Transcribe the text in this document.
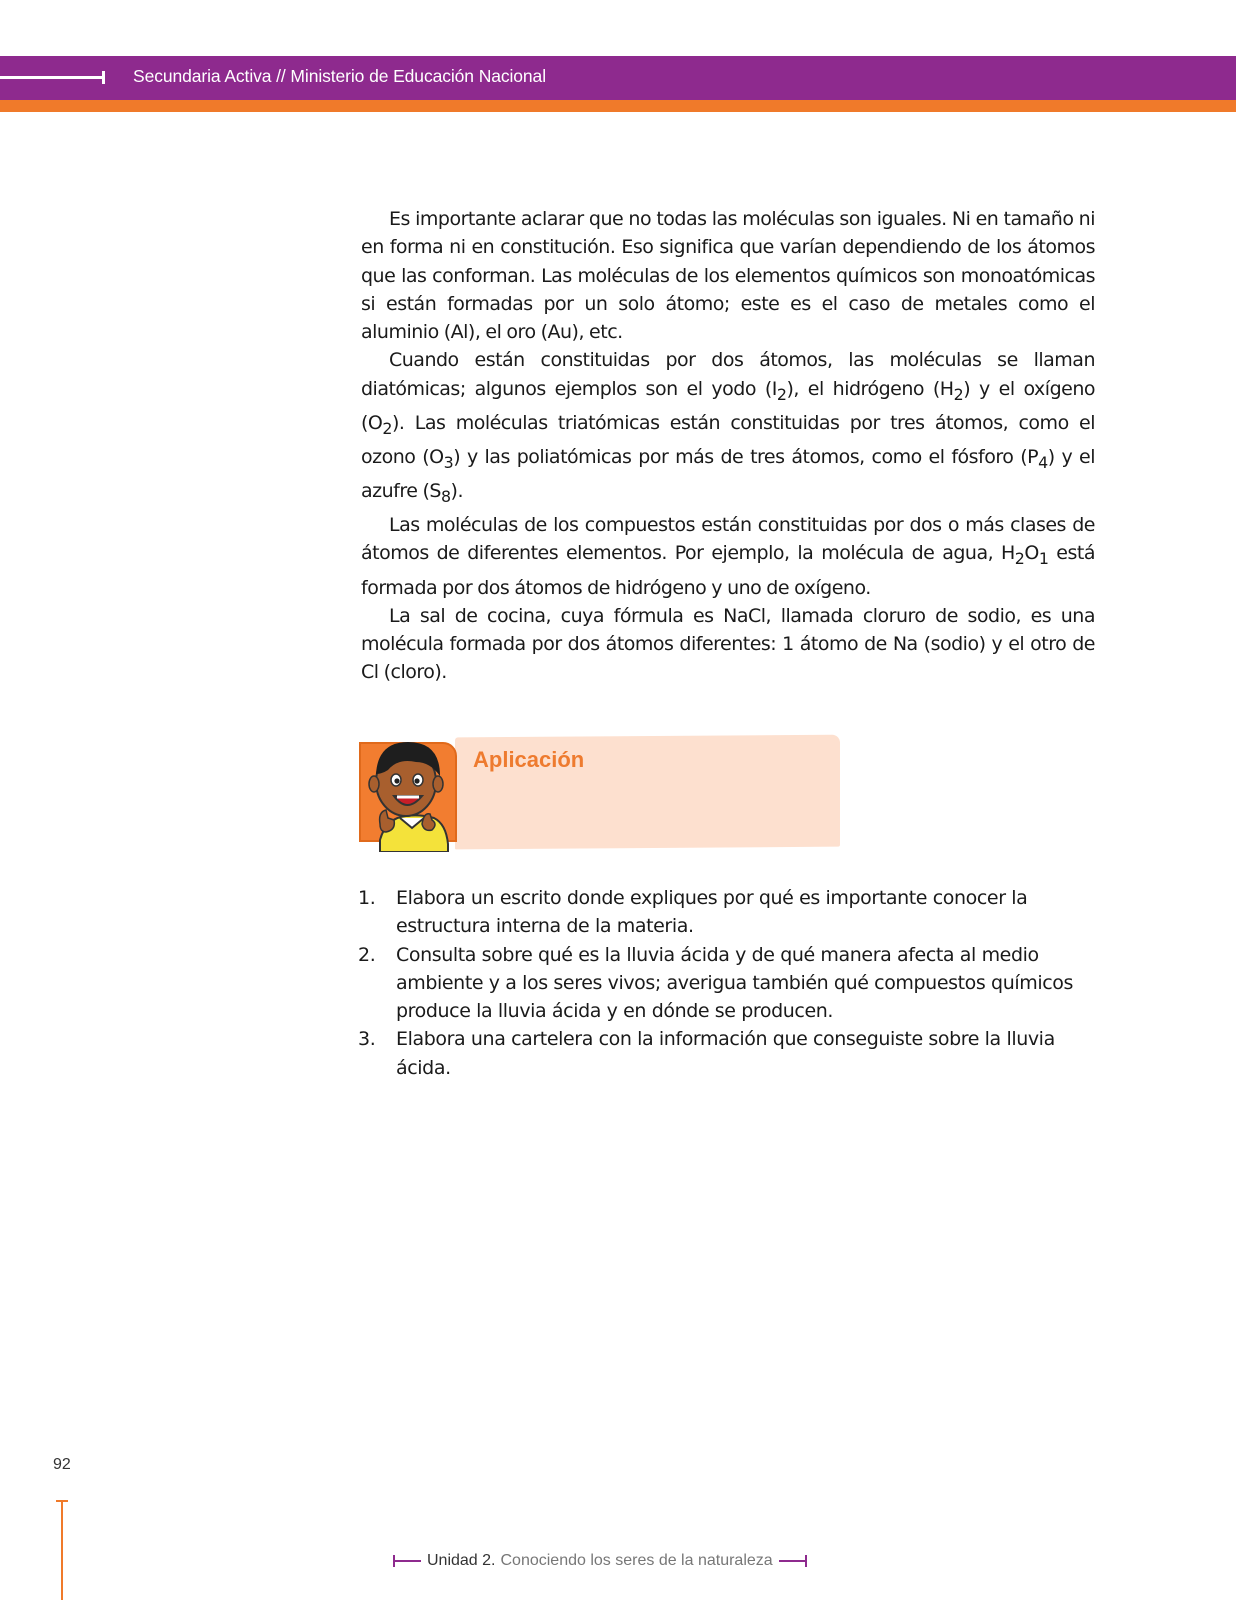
Secundaria Activa // Ministerio de Educación Nacional

Es importante aclarar que no todas las moléculas son iguales. Ni en tamaño ni en forma ni en constitución. Eso significa que varían dependiendo de los átomos que las conforman. Las moléculas de los elementos químicos son monoatómicas si están formadas por un solo átomo; este es el caso de metales como el aluminio (Al), el oro (Au), etc.

Cuando están constituidas por dos átomos, las moléculas se llaman diatómicas; algunos ejemplos son el yodo $(I_2)$, el hidrógeno $(H_2)$ y el oxígeno $(O_2)$. Las moléculas triatómicas están constituidas por tres átomos, como el ozono $(O_3)$ y las poliatómicas por más de tres átomos, como el fósforo $(P_4)$ y el azufre $(S_8)$.

Las moléculas de los compuestos están constituidas por dos o más clases de átomos de diferentes elementos. Por ejemplo, la molécula de agua, $H_2O_1$ está formada por dos átomos de hidrógeno y uno de oxígeno.

La sal de cocina, cuya fórmula es NaCl, llamada cloruro de sodio, es una molécula formada por dos átomos diferentes: 1 átomo de Na (sodio) y el otro de Cl (cloro).

Aplicación
1. Elabora un escrito donde expliques por qué es importante conocer la estructura interna de la materia.
2. Consulta sobre qué es la lluvia ácida y de qué manera afecta al medio ambiente y a los seres vivos; averigua también qué compuestos químicos produce la lluvia ácida y en dónde se producen.
3. Elabora una cartelera con la información que conseguiste sobre la lluvia ácida.
92
Unidad 2. Conociendo los seres de la naturaleza
